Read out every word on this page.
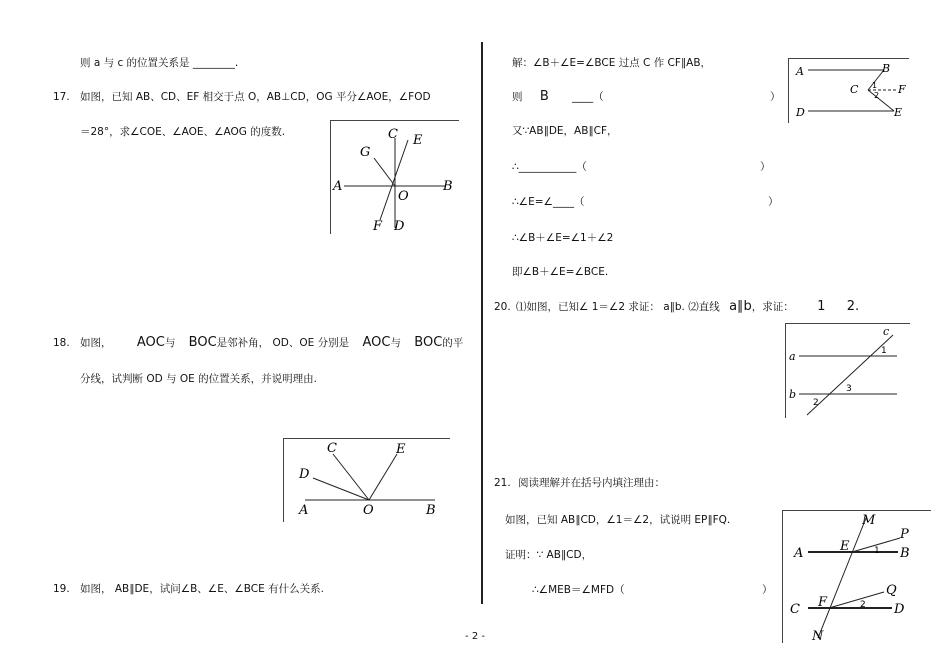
则 a 与 c 的位置关系是 ________.
17. 如图，已知 AB、CD、EF 相交于点 O，AB⊥CD，OG 平分∠AOE，∠FOD
＝28°，求∠COE、∠AOE、∠AOG 的度数.
A	B
C E
G
O
F D
18. 如图， AOC与 BOC是邻补角， OD、OE 分别是 AOC与 BOC的平
分线，试判断 OD 与 OE 的位置关系，并说明理由.
C	E
D
A	O	B
19. 如图， AB∥DE，试问∠B、∠E、∠BCE 有什么关系.
解：∠B＋∠E=∠BCE 过点 C 作 CF∥AB，
则 B ____（	）
又∵AB∥DE，AB∥CF，
∴___________（	）
∴∠E=∠____（	）
∴∠B＋∠E=∠1＋∠2
即∠B＋∠E=∠BCE.
A	B
C	F
D	E
1
2
20. ⑴如图，已知∠ 1＝∠2 求证： a∥b. ⑵直线 a∥b，求证： 1 2.
a
b
c
1
3
2
21. 阅读理解并在括号内填注理由：
如图，已知 AB∥CD，∠1＝∠2，试说明 EP∥FQ.
证明：∵ AB∥CD，
∴∠MEB＝∠MFD（	）
M
P
E
A	B
1
Q
F
C	D
2
N
- 2 -
